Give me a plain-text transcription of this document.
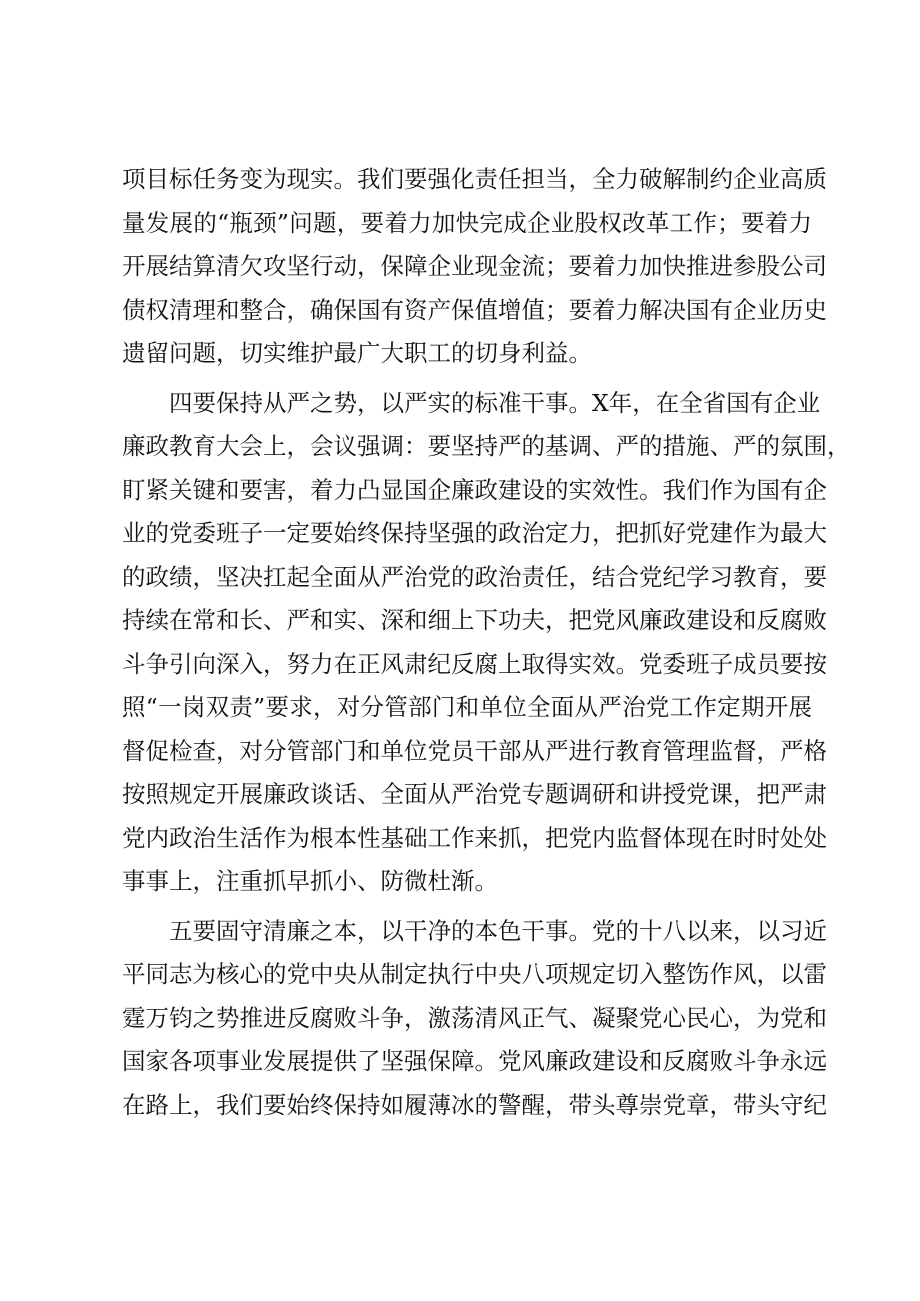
项目标任务变为现实。我们要强化责任担当，全力破解制约企业高质
量发展的“瓶颈”问题，要着力加快完成企业股权改革工作；要着力
开展结算清欠攻坚行动，保障企业现金流；要着力加快推进参股公司
债权清理和整合，确保国有资产保值增值；要着力解决国有企业历史
遗留问题，切实维护最广大职工的切身利益。
　　四要保持从严之势，以严实的标准干事。X年，在全省国有企业
廉政教育大会上，会议强调：要坚持严的基调、严的措施、严的氛围，
盯紧关键和要害，着力凸显国企廉政建设的实效性。我们作为国有企
业的党委班子一定要始终保持坚强的政治定力，把抓好党建作为最大
的政绩，坚决扛起全面从严治党的政治责任，结合党纪学习教育，要
持续在常和长、严和实、深和细上下功夫，把党风廉政建设和反腐败
斗争引向深入，努力在正风肃纪反腐上取得实效。党委班子成员要按
照“一岗双责”要求，对分管部门和单位全面从严治党工作定期开展
督促检查，对分管部门和单位党员干部从严进行教育管理监督，严格
按照规定开展廉政谈话、全面从严治党专题调研和讲授党课，把严肃
党内政治生活作为根本性基础工作来抓，把党内监督体现在时时处处
事事上，注重抓早抓小、防微杜渐。
　　五要固守清廉之本，以干净的本色干事。党的十八以来，以习近
平同志为核心的党中央从制定执行中央八项规定切入整饬作风，以雷
霆万钧之势推进反腐败斗争，激荡清风正气、凝聚党心民心，为党和
国家各项事业发展提供了坚强保障。党风廉政建设和反腐败斗争永远
在路上，我们要始终保持如履薄冰的警醒，带头尊崇党章，带头守纪
